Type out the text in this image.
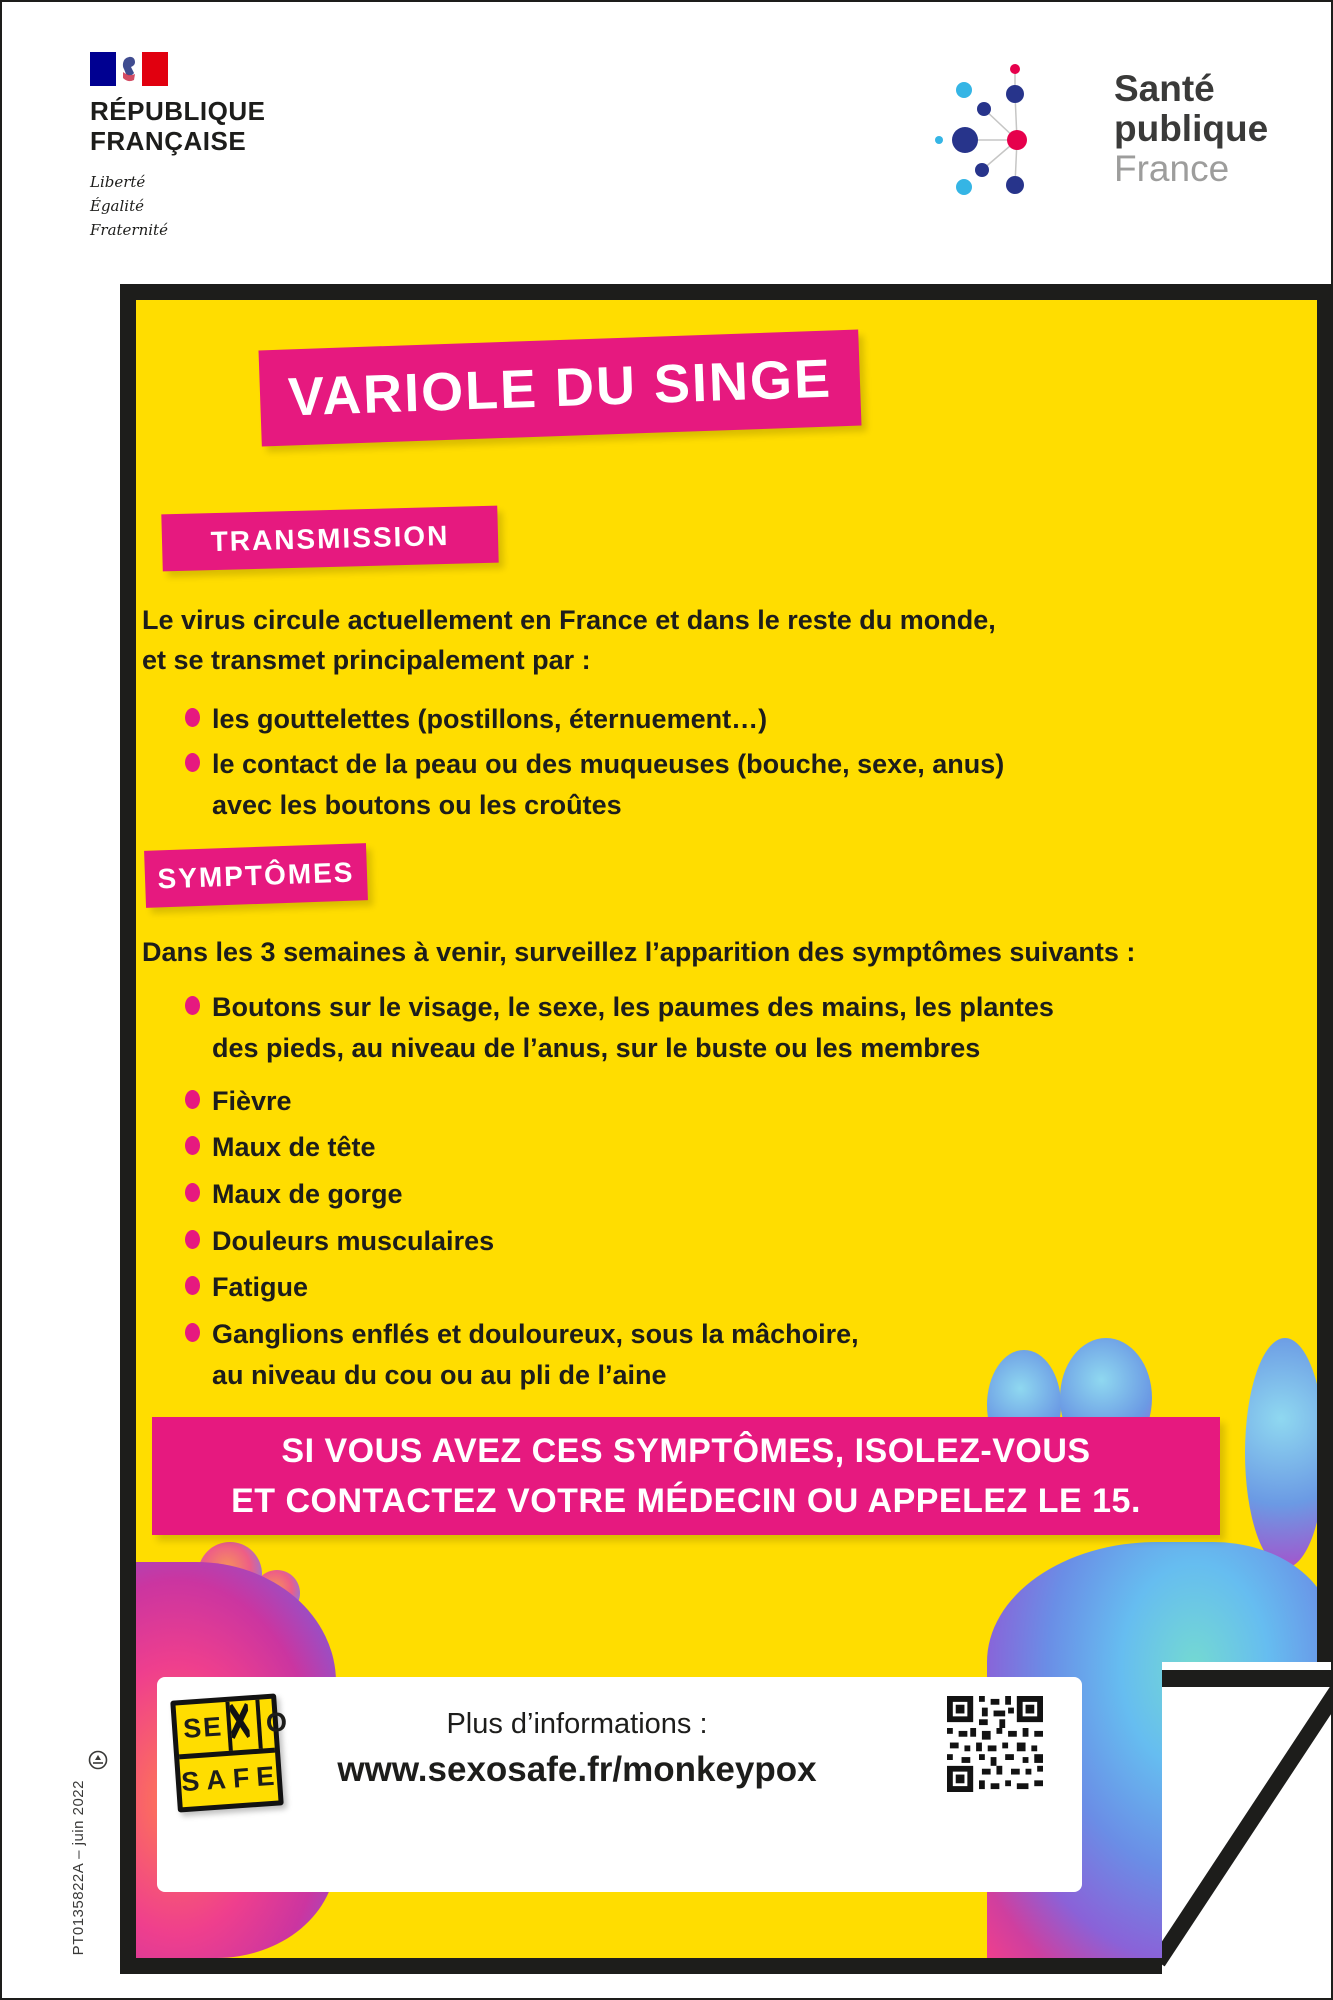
RÉPUBLIQUE
FRANÇAISE
Liberté
Égalité
Fraternité
Santé
publique
France
VARIOLE DU SINGE
TRANSMISSION
Le virus circule actuellement en France et dans le reste du monde,
et se transmet principalement par :
les gouttelettes (postillons, éternuement…)
le contact de la peau ou des muqueuses (bouche, sexe, anus)
avec les boutons ou les croûtes
SYMPTÔMES
Dans les 3 semaines à venir, surveillez l’apparition des symptômes suivants :
Boutons sur le visage, le sexe, les paumes des mains, les plantes
des pieds, au niveau de l’anus, sur le buste ou les membres
Fièvre
Maux de tête
Maux de gorge
Douleurs musculaires
Fatigue
Ganglions enflés et douloureux, sous la mâchoire,
au niveau du cou ou au pli de l’aine
SI VOUS AVEZ CES SYMPTÔMES, ISOLEZ-VOUS
ET CONTACTEZ VOTRE MÉDECIN OU APPELEZ LE 15.
SE O
SAFE
Plus d’informations :
www.sexosafe.fr/monkeypox
PT0135822A – juin 2022
